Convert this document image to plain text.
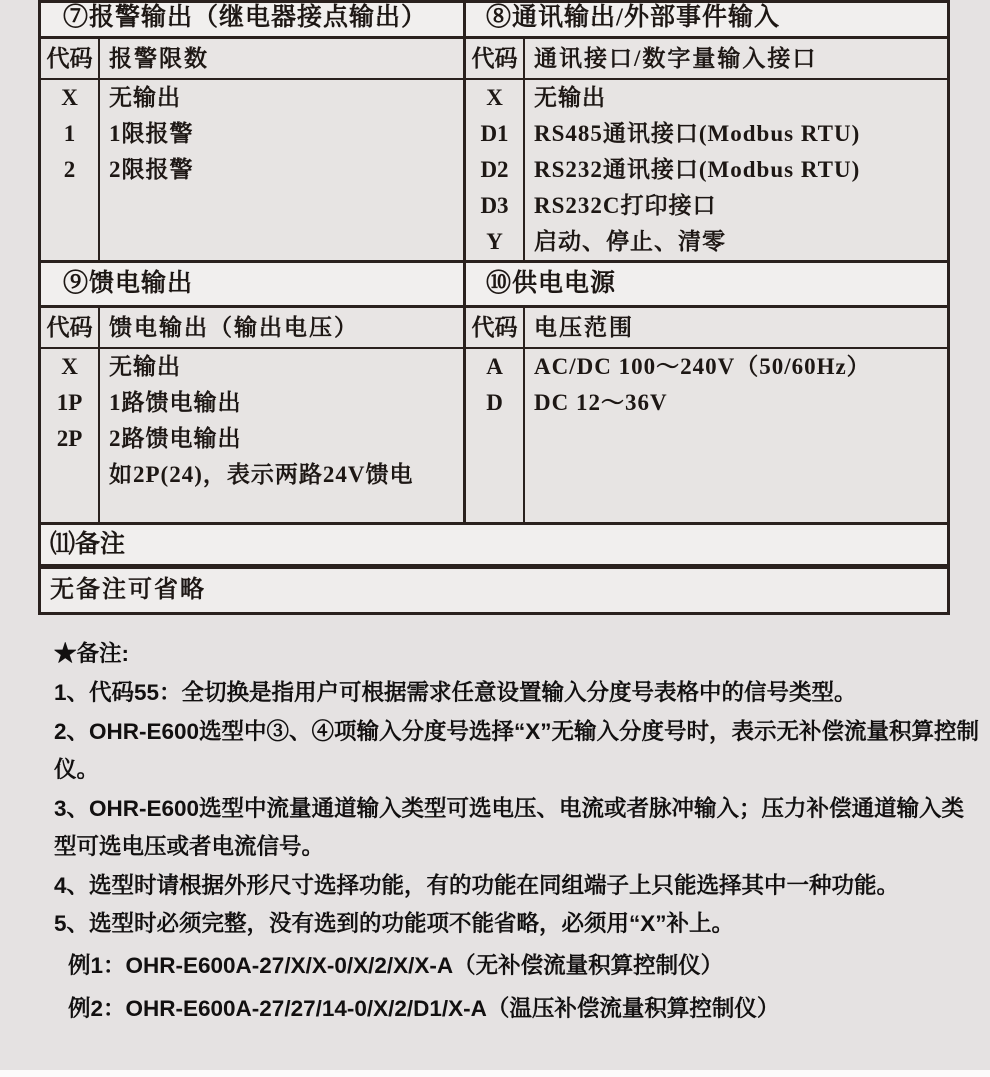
⑦报警输出（继电器接点输出）
代码 报警限数
X
1
2
无输出
1限报警
2限报警
⑧通讯输出/外部事件输入
代码 通讯接口/数字量输入接口
X
D1
D2
D3
Y
无输出
RS485通讯接口(Modbus RTU)
RS232通讯接口(Modbus RTU)
RS232C打印接口
启动、停止、清零
⑨馈电输出
代码 馈电输出（输出电压）
X
1P
2P
无输出
1路馈电输出
2路馈电输出
如2P(24)，表示两路24V馈电
⑩供电电源
代码 电压范围
A
D
AC/DC 100～240V（50/60Hz）
DC 12～36V
⑾备注
无备注可省略

★备注:

1、代码55：全切换是指用户可根据需求任意设置输入分度号表格中的信号类型。

2、OHR-E600选型中③、④项输入分度号选择“X”无输入分度号时，表示无补偿流量积算控制仪。

3、OHR-E600选型中流量通道输入类型可选电压、电流或者脉冲输入；压力补偿通道输入类型可选电压或者电流信号。

4、选型时请根据外形尺寸选择功能，有的功能在同组端子上只能选择其中一种功能。

5、选型时必须完整，没有选到的功能项不能省略，必须用“X”补上。

例1：OHR-E600A-27/X/X-0/X/2/X/X-A（无补偿流量积算控制仪）

例2：OHR-E600A-27/27/14-0/X/2/D1/X-A（温压补偿流量积算控制仪）
